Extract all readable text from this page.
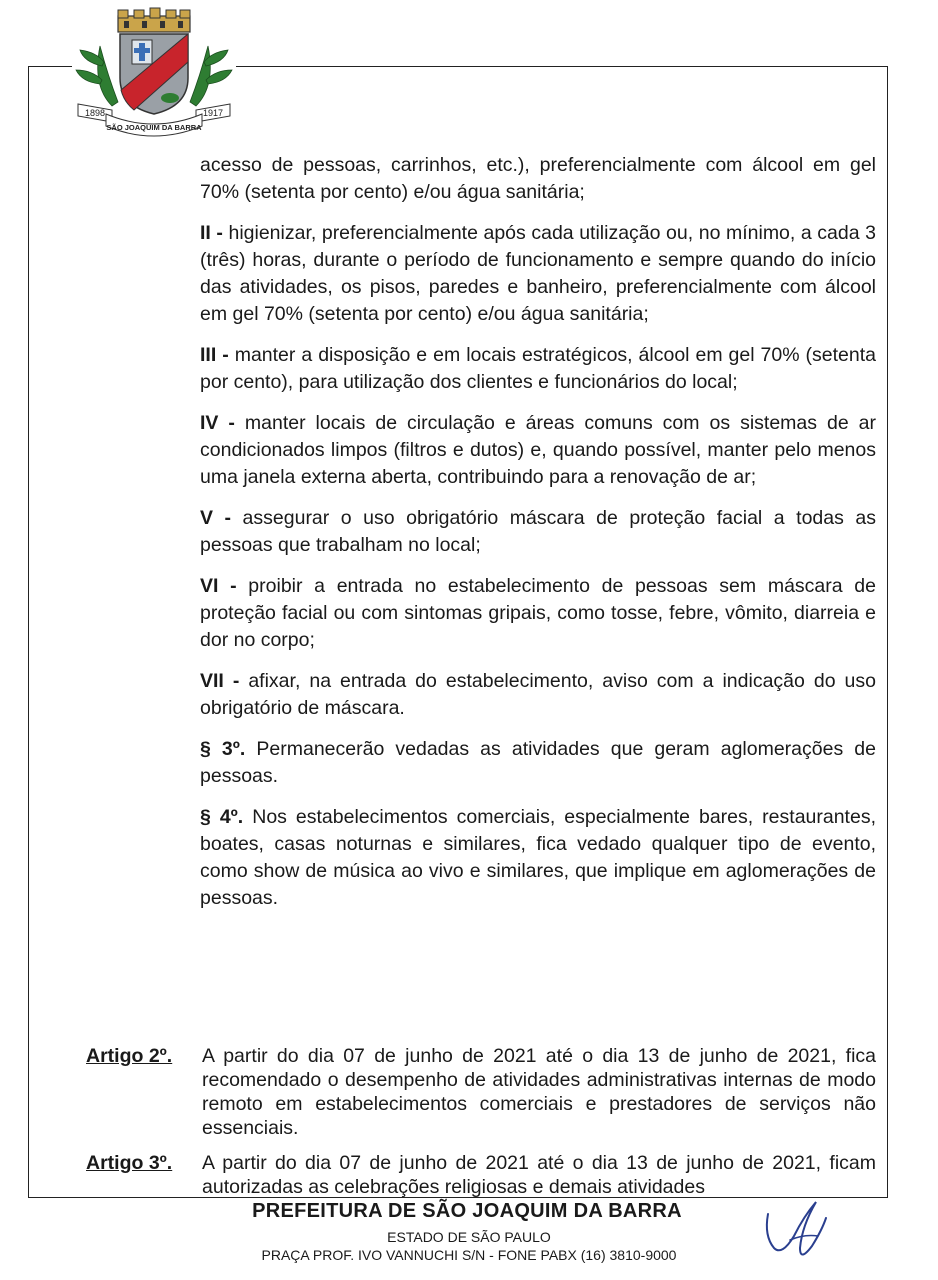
1898	1917
SÃO JOAQUIM DA BARRA

acesso de pessoas, carrinhos, etc.), preferencialmente com álcool em gel 70% (setenta por cento) e/ou água sanitária;

II - higienizar, preferencialmente após cada utilização ou, no mínimo, a cada 3 (três) horas, durante o período de funcionamento e sempre quando do início das atividades, os pisos, paredes e banheiro, preferencialmente com álcool em gel 70% (setenta por cento) e/ou água sanitária;

III - manter a disposição e em locais estratégicos, álcool em gel 70% (setenta por cento), para utilização dos clientes e funcionários do local;

IV - manter locais de circulação e áreas comuns com os sistemas de ar condicionados limpos (filtros e dutos) e, quando possível, manter pelo menos uma janela externa aberta, contribuindo para a renovação de ar;

V - assegurar o uso obrigatório máscara de proteção facial a todas as pessoas que trabalham no local;

VI - proibir a entrada no estabelecimento de pessoas sem máscara de proteção facial ou com sintomas gripais, como tosse, febre, vômito, diarreia e dor no corpo;

VII - afixar, na entrada do estabelecimento, aviso com a indicação do uso obrigatório de máscara.

§ 3º. Permanecerão vedadas as atividades que geram aglomerações de pessoas.

§ 4º. Nos estabelecimentos comerciais, especialmente bares, restaurantes, boates, casas noturnas e similares, fica vedado qualquer tipo de evento, como show de música ao vivo e similares, que implique em aglomerações de pessoas.

Artigo 2º. A partir do dia 07 de junho de 2021 até o dia 13 de junho de 2021, fica recomendado o desempenho de atividades administrativas internas de modo remoto em estabelecimentos comerciais e prestadores de serviços não essenciais.
Artigo 3º. A partir do dia 07 de junho de 2021 até o dia 13 de junho de 2021, ficam autorizadas as celebrações religiosas e demais atividades
PREFEITURA DE SÃO JOAQUIM DA BARRA
ESTADO DE SÃO PAULO
PRAÇA PROF. IVO VANNUCHI S/N - FONE PABX (16) 3810-9000
